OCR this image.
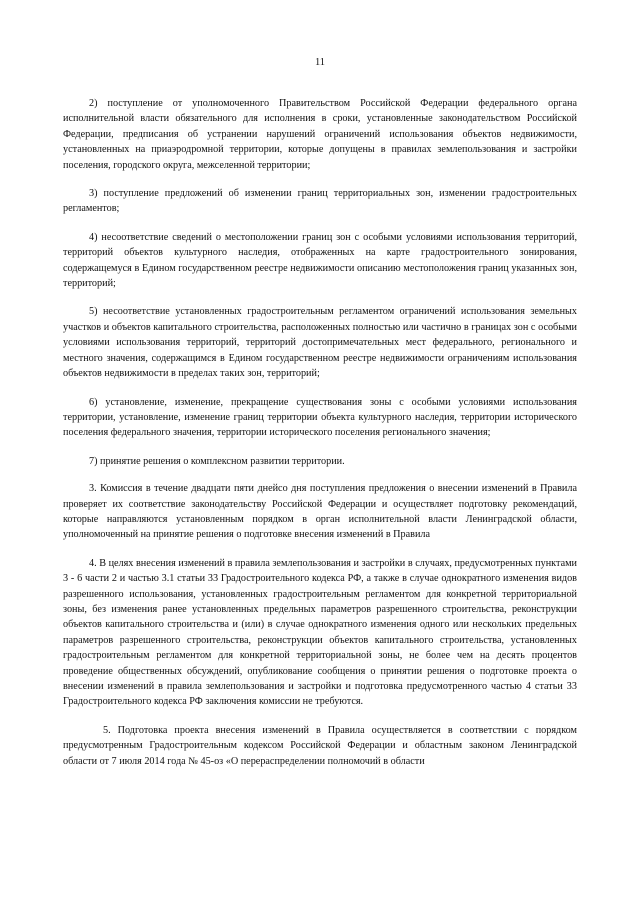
11

2) поступление от уполномоченного Правительством Российской Федерации федерального органа исполнительной власти обязательного для исполнения в сроки, установленные законодательством Российской Федерации, предписания об устранении нарушений ограничений использования объектов недвижимости, установленных на приаэродромной территории, которые допущены в правилах землепользования и застройки поселения, городского округа, межселенной территории;

3) поступление предложений об изменении границ территориальных зон, изменении градостроительных регламентов;

4) несоответствие сведений о местоположении границ зон с особыми условиями использования территорий, территорий объектов культурного наследия, отображенных на карте градостроительного зонирования, содержащемуся в Едином государственном реестре недвижимости описанию местоположения границ указанных зон, территорий;

5) несоответствие установленных градостроительным регламентом ограничений использования земельных участков и объектов капитального строительства, расположенных полностью или частично в границах зон с особыми условиями использования территорий, территорий достопримечательных мест федерального, регионального и местного значения, содержащимся в Едином государственном реестре недвижимости ограничениям использования объектов недвижимости в пределах таких зон, территорий;

6) установление, изменение, прекращение существования зоны с особыми условиями использования территории, установление, изменение границ территории объекта культурного наследия, территории исторического поселения федерального значения, территории исторического поселения регионального значения;

7) принятие решения о комплексном развитии территории.

3. Комиссия в течение двадцати пяти днейсо дня поступления предложения о внесении изменений в Правила проверяет их соответствие законодательству Российской Федерации и осуществляет подготовку рекомендаций, которые направляются установленным порядком в орган исполнительной власти Ленинградской области, уполномоченный на принятие решения о подготовке внесения изменений в Правила

4. В целях внесения изменений в правила землепользования и застройки в случаях, предусмотренных пунктами 3 - 6 части 2 и частью 3.1 статьи 33 Градостроительного кодекса РФ, а также в случае однократного изменения видов разрешенного использования, установленных градостроительным регламентом для конкретной территориальной зоны, без изменения ранее установленных предельных параметров разрешенного строительства, реконструкции объектов капитального строительства и (или) в случае однократного изменения одного или нескольких предельных параметров разрешенного строительства, реконструкции объектов капитального строительства, установленных градостроительным регламентом для конкретной территориальной зоны, не более чем на десять процентов проведение общественных обсуждений, опубликование сообщения о принятии решения о подготовке проекта о внесении изменений в правила землепользования и застройки и подготовка предусмотренного частью 4 статьи 33 Градостроительного кодекса РФ заключения комиссии не требуются.

5. Подготовка проекта внесения изменений в Правила осуществляется в соответствии с порядком предусмотренным Градостроительным кодексом Российской Федерации и областным законом Ленинградской области от 7 июля 2014 года № 45-оз «О перераспределении полномочий в области
